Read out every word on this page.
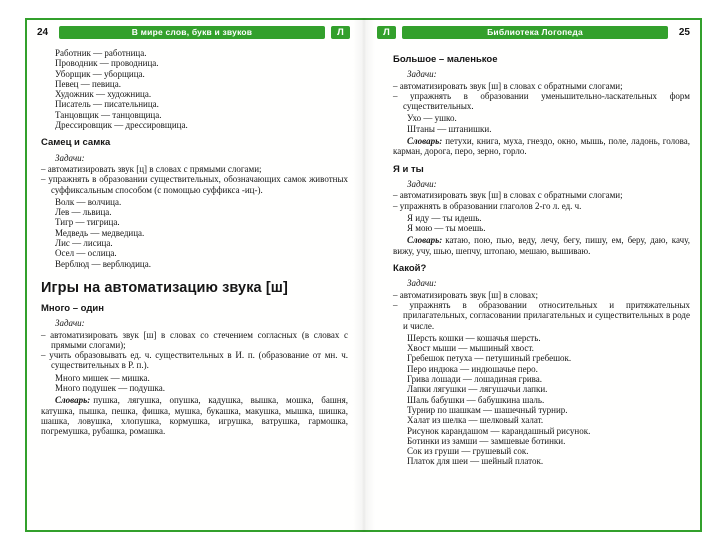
24	В мире слов, букв и звуков	Л
Работник — работница.
Проводник — проводница.
Уборщик — уборщица.
Певец — певица.
Художник — художница.
Писатель — писательница.
Танцовщик — танцовщица.
Дрессировщик — дрессировщица.
Самец и самка
Задачи:
– автоматизировать звук [ц] в словах с прямыми слогами;
– упражнять в образовании существительных, обозначающих самок животных суффиксальным способом (с помощью суффикса -иц-).
Волк — волчица.
Лев — львица.
Тигр — тигрица.
Медведь — медведица.
Лис — лисица.
Осел — ослица.
Верблюд — верблюдица.
Игры на автоматизацию звука [ш]
Много – один
Задачи:
– автоматизировать звук [ш] в словах со стечением согласных (в словах с прямыми слогами);
– учить образовывать ед. ч. существительных в И. п. (образование от мн. ч. существительных в Р. п.).
Много мишек — мишка.
Много подушек — подушка.

Словарь: пушка, лягушка, опушка, кадушка, вышка, мошка, башня, катушка, пышка, пешка, фишка, мушка, букашка, макушка, мышка, шишка, шашка, ловушка, хлопушка, кормушка, игрушка, ватрушка, гармошка, погремушка, рубашка, ромашка.

Л	Библиотека Логопеда	25
Большое – маленькое
Задачи:
– автоматизировать звук [ш] в словах с обратными слогами;
– упражнять в образовании уменьшительно-ласкательных форм существительных.
Ухо — ушко.
Штаны — штанишки.

Словарь: петухи, книга, муха, гнездо, окно, мышь, поле, ладонь, голова, карман, дорога, перо, зерно, горло.

Я и ты
Задачи:
– автоматизировать звук [ш] в словах с обратными слогами;
– упражнять в образовании глаголов 2-го л. ед. ч.
Я иду — ты идешь.
Я мою — ты моешь.

Словарь: катаю, пою, пью, веду, лечу, бегу, пишу, ем, беру, даю, качу, вижу, учу, шью, шепчу, штопаю, мешаю, вышиваю.

Какой?
Задачи:
– автоматизировать звук [ш] в словах;
– упражнять в образовании относительных и притяжательных прилагательных, согласовании прилагательных и существительных в роде и числе.
Шерсть кошки — кошачья шерсть.
Хвост мыши — мышиный хвост.
Гребешок петуха — петушиный гребешок.
Перо индюка — индюшачье перо.
Грива лошади — лошадиная грива.
Лапки лягушки — лягушачьи лапки.
Шаль бабушки — бабушкина шаль.
Турнир по шашкам — шашечный турнир.
Халат из шелка — шелковый халат.
Рисунок карандашом — карандашный рисунок.
Ботинки из замши — замшевые ботинки.
Сок из груши — грушевый сок.
Платок для шеи — шейный платок.
